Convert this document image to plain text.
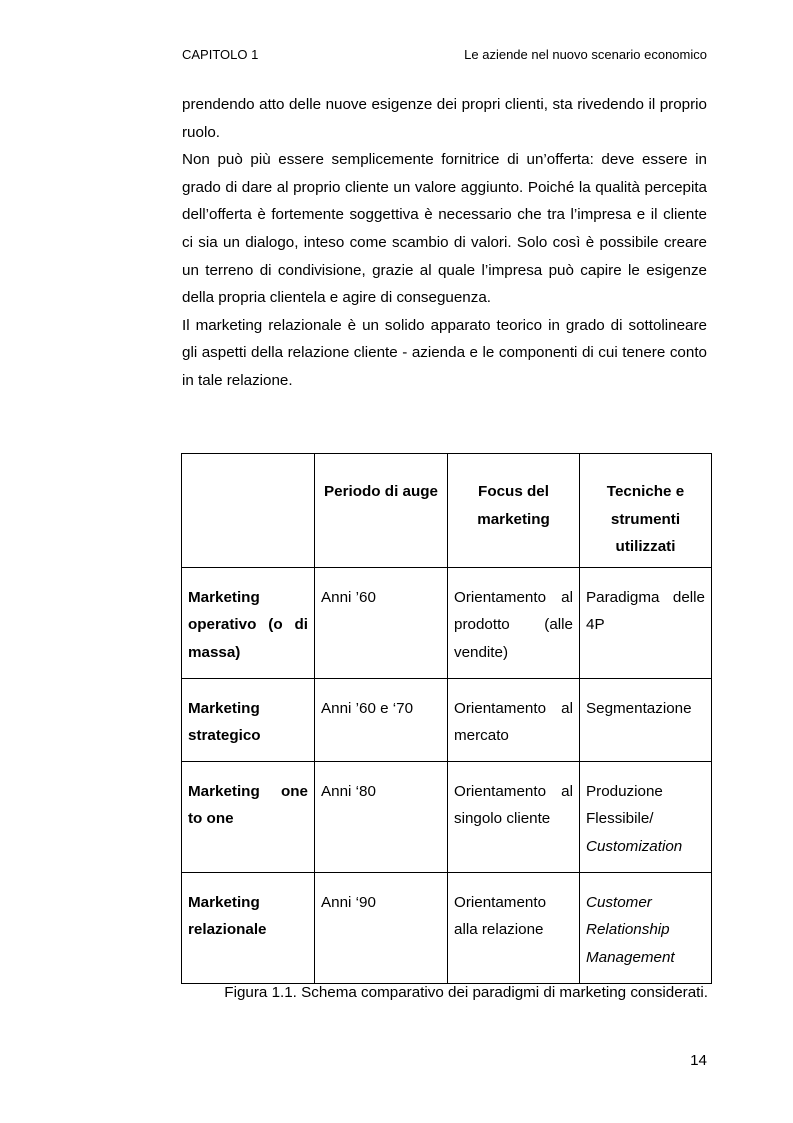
CAPITOLO 1	Le aziende nel nuovo scenario economico

prendendo atto delle nuove esigenze dei propri clienti, sta rivedendo il proprio ruolo.

Non può più essere semplicemente fornitrice di un’offerta: deve essere in grado di dare al proprio cliente un valore aggiunto. Poiché la qualità percepita dell’offerta è fortemente soggettiva è necessario che tra l’impresa e il cliente ci sia un dialogo, inteso come scambio di valori. Solo così è possibile creare un terreno di condivisione, grazie al quale l’impresa può capire le esigenze della propria clientela e agire di conseguenza.

Il marketing relazionale è un solido apparato teorico in grado di sottolineare gli aspetti della relazione cliente - azienda e le componenti di cui tenere conto in tale relazione.

	Periodo di auge	Focus del marketing	Tecniche e strumenti utilizzati
Marketing operativo (o di massa)	Anni ’60	Orientamento al prodotto (alle vendite)	Paradigma delle 4P
Marketing strategico	Anni ’60 e ‘70	Orientamento al mercato	Segmentazione
Marketing one to one	Anni ‘80	Orientamento al singolo cliente	Produzione Flessibile/ Customization
Marketing relazionale	Anni ‘90	Orientamento alla relazione	Customer Relationship Management
Figura 1.1. Schema comparativo dei paradigmi di marketing considerati.
14
